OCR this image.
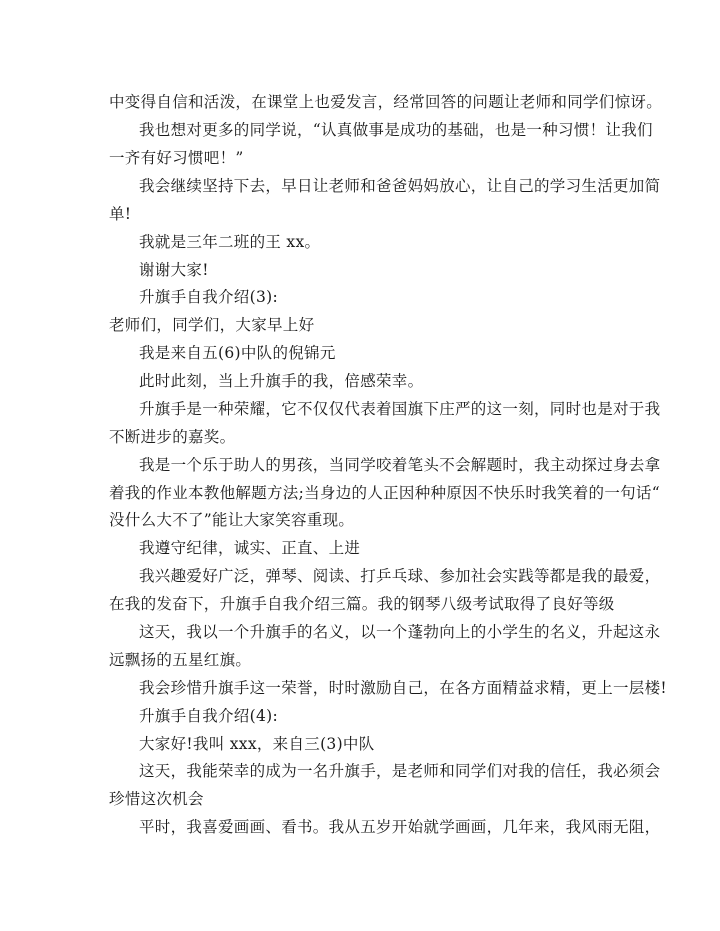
中变得自信和活泼，在课堂上也爱发言，经常回答的问题让老师和同学们惊讶。
我也想对更多的同学说，“认真做事是成功的基础，也是一种习惯！让我们
一齐有好习惯吧！”
我会继续坚持下去，早日让老师和爸爸妈妈放心，让自己的学习生活更加简
单!
我就是三年二班的王 xx。
谢谢大家!
升旗手自我介绍(3):
老师们，同学们，大家早上好
我是来自五(6)中队的倪锦元
此时此刻，当上升旗手的我，倍感荣幸。
升旗手是一种荣耀，它不仅仅代表着国旗下庄严的这一刻，同时也是对于我
不断进步的嘉奖。
我是一个乐于助人的男孩，当同学咬着笔头不会解题时，我主动探过身去拿
着我的作业本教他解题方法;当身边的人正因种种原因不快乐时我笑着的一句话“
没什么大不了”能让大家笑容重现。
我遵守纪律，诚实、正直、上进
我兴趣爱好广泛，弹琴、阅读、打乒乓球、参加社会实践等都是我的最爱，
在我的发奋下，升旗手自我介绍三篇。我的钢琴八级考试取得了良好等级
这天，我以一个升旗手的名义，以一个蓬勃向上的小学生的名义，升起这永
远飘扬的五星红旗。
我会珍惜升旗手这一荣誉，时时激励自己，在各方面精益求精，更上一层楼!
升旗手自我介绍(4):
大家好!我叫 xxx，来自三(3)中队
这天，我能荣幸的成为一名升旗手，是老师和同学们对我的信任，我必须会
珍惜这次机会
平时，我喜爱画画、看书。我从五岁开始就学画画，几年来，我风雨无阻，
